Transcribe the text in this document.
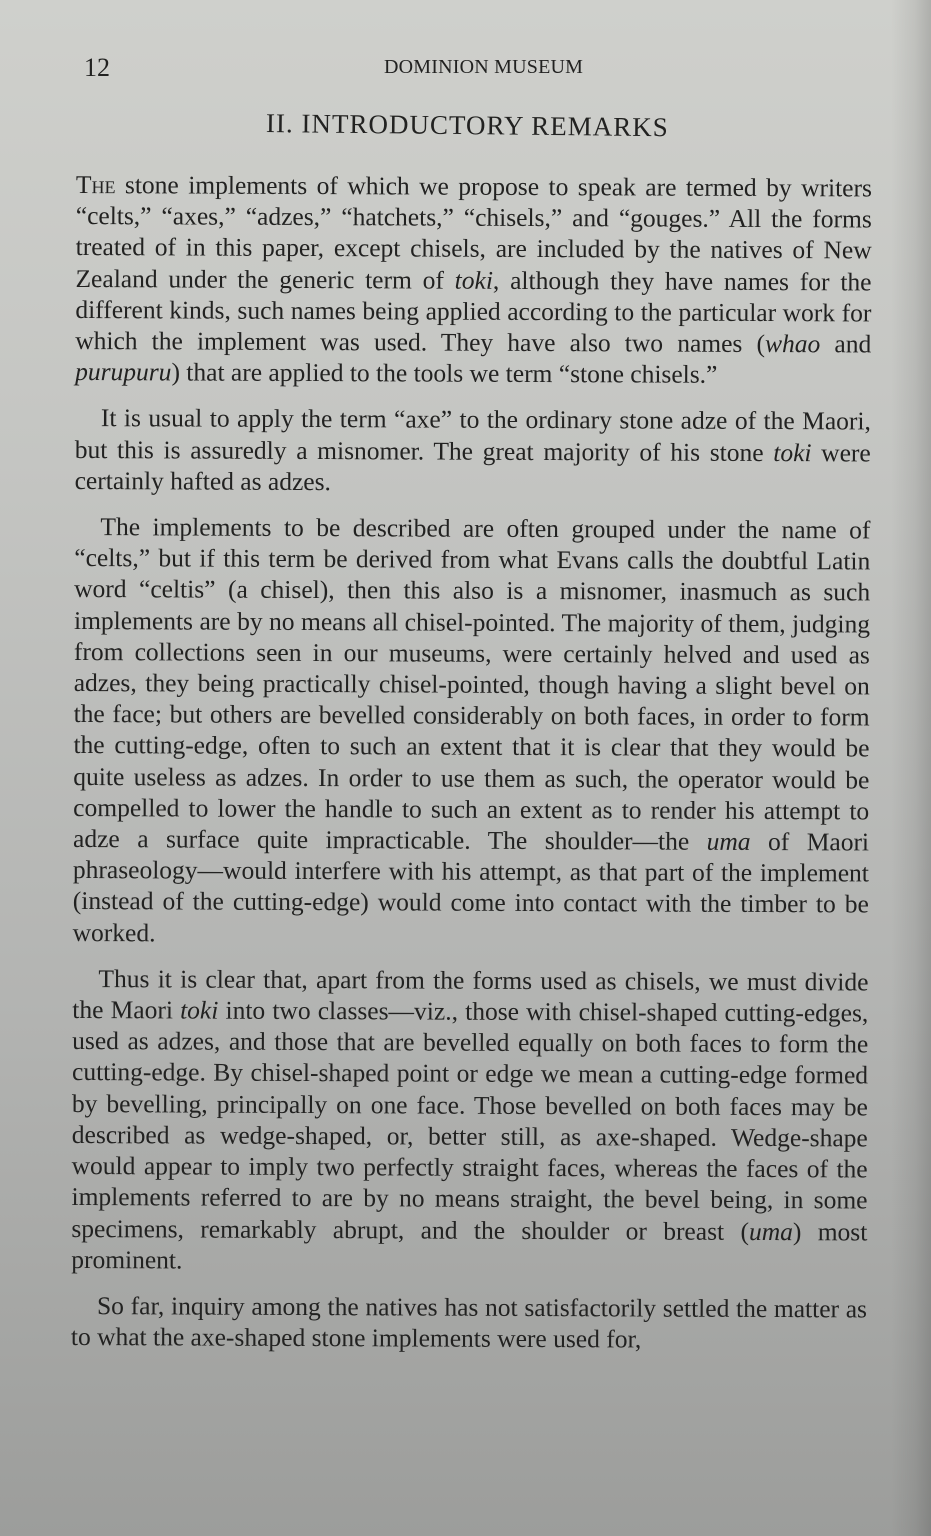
12	DOMINION MUSEUM
II. INTRODUCTORY REMARKS

The stone implements of which we propose to speak are termed by writers “celts,” “axes,” “adzes,” “hatchets,” “chisels,” and “gouges.” All the forms treated of in this paper, except chisels, are included by the natives of New Zealand under the generic term of toki, although they have names for the different kinds, such names being applied according to the particular work for which the implement was used. They have also two names (whao and purupuru) that are applied to the tools we term “stone chisels.”

It is usual to apply the term “axe” to the ordinary stone adze of the Maori, but this is assuredly a misnomer. The great majority of his stone toki were certainly hafted as adzes.

The implements to be described are often grouped under the name of “celts,” but if this term be derived from what Evans calls the doubtful Latin word “celtis” (a chisel), then this also is a misnomer, inasmuch as such implements are by no means all chisel-pointed. The majority of them, judging from collections seen in our museums, were certainly helved and used as adzes, they being practically chisel-pointed, though having a slight bevel on the face; but others are bevelled considerably on both faces, in order to form the cutting-edge, often to such an extent that it is clear that they would be quite useless as adzes. In order to use them as such, the operator would be compelled to lower the handle to such an extent as to render his attempt to adze a surface quite impracticable. The shoulder—the uma of Maori phraseology—would interfere with his attempt, as that part of the implement (instead of the cutting-edge) would come into contact with the timber to be worked.

Thus it is clear that, apart from the forms used as chisels, we must divide the Maori toki into two classes—viz., those with chisel-shaped cutting-edges, used as adzes, and those that are bevelled equally on both faces to form the cutting-edge. By chisel-shaped point or edge we mean a cutting-edge formed by bevelling, principally on one face. Those bevelled on both faces may be described as wedge-shaped, or, better still, as axe-shaped. Wedge-shape would appear to imply two perfectly straight faces, whereas the faces of the implements referred to are by no means straight, the bevel being, in some specimens, remarkably abrupt, and the shoulder or breast (uma) most prominent.

So far, inquiry among the natives has not satisfactorily settled the matter as to what the axe-shaped stone implements were used for,
